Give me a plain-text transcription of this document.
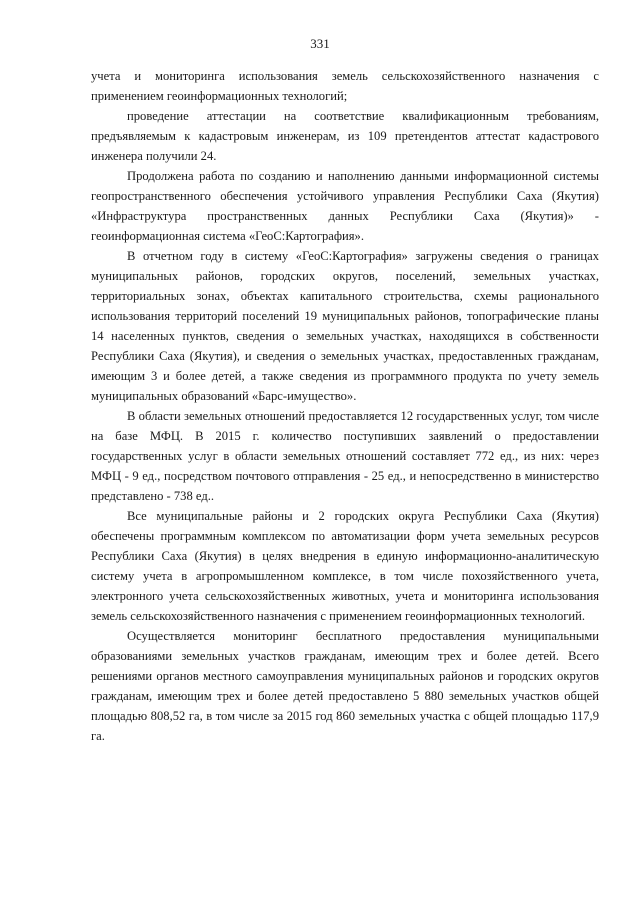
331

учета и мониторинга использования земель сельскохозяйственного назначения с применением геоинформационных технологий;

проведение аттестации на соответствие квалификационным требованиям, предъявляемым к кадастровым инженерам, из 109 претендентов аттестат кадастрового инженера получили 24.

Продолжена работа по созданию и наполнению данными информационной системы геопространственного обеспечения устойчивого управления Республики Саха (Якутия) «Инфраструктура пространственных данных Республики Саха (Якутия)» - геоинформационная система «ГеоС:Картография».

В отчетном году в систему «ГеоС:Картография» загружены сведения о границах муниципальных районов, городских округов, поселений, земельных участках, территориальных зонах, объектах капитального строительства, схемы рационального использования территорий поселений 19 муниципальных районов, топографические планы 14 населенных пунктов, сведения о земельных участках, находящихся в собственности Республики Саха (Якутия), и сведения о земельных участках, предоставленных гражданам, имеющим 3 и более детей, а также сведения из программного продукта по учету земель муниципальных образований «Барс-имущество».

В области земельных отношений предоставляется 12 государственных услуг, том числе на базе МФЦ. В 2015 г. количество поступивших заявлений о предоставлении государственных услуг в области земельных отношений составляет 772 ед., из них: через МФЦ - 9 ед., посредством почтового отправления - 25 ед., и непосредственно в министерство представлено - 738 ед..

Все муниципальные районы и 2 городских округа Республики Саха (Якутия) обеспечены программным комплексом по автоматизации форм учета земельных ресурсов Республики Саха (Якутия) в целях внедрения в единую информационно-аналитическую систему учета в агропромышленном комплексе, в том числе похозяйственного учета, электронного учета сельскохозяйственных животных, учета и мониторинга использования земель сельскохозяйственного назначения с применением геоинформационных технологий.

Осуществляется мониторинг бесплатного предоставления муниципальными образованиями земельных участков гражданам, имеющим трех и более детей. Всего решениями органов местного самоуправления муниципальных районов и городских округов гражданам, имеющим трех и более детей предоставлено 5 880 земельных участков общей площадью 808,52 га, в том числе за 2015 год 860 земельных участка с общей площадью 117,9 га.
